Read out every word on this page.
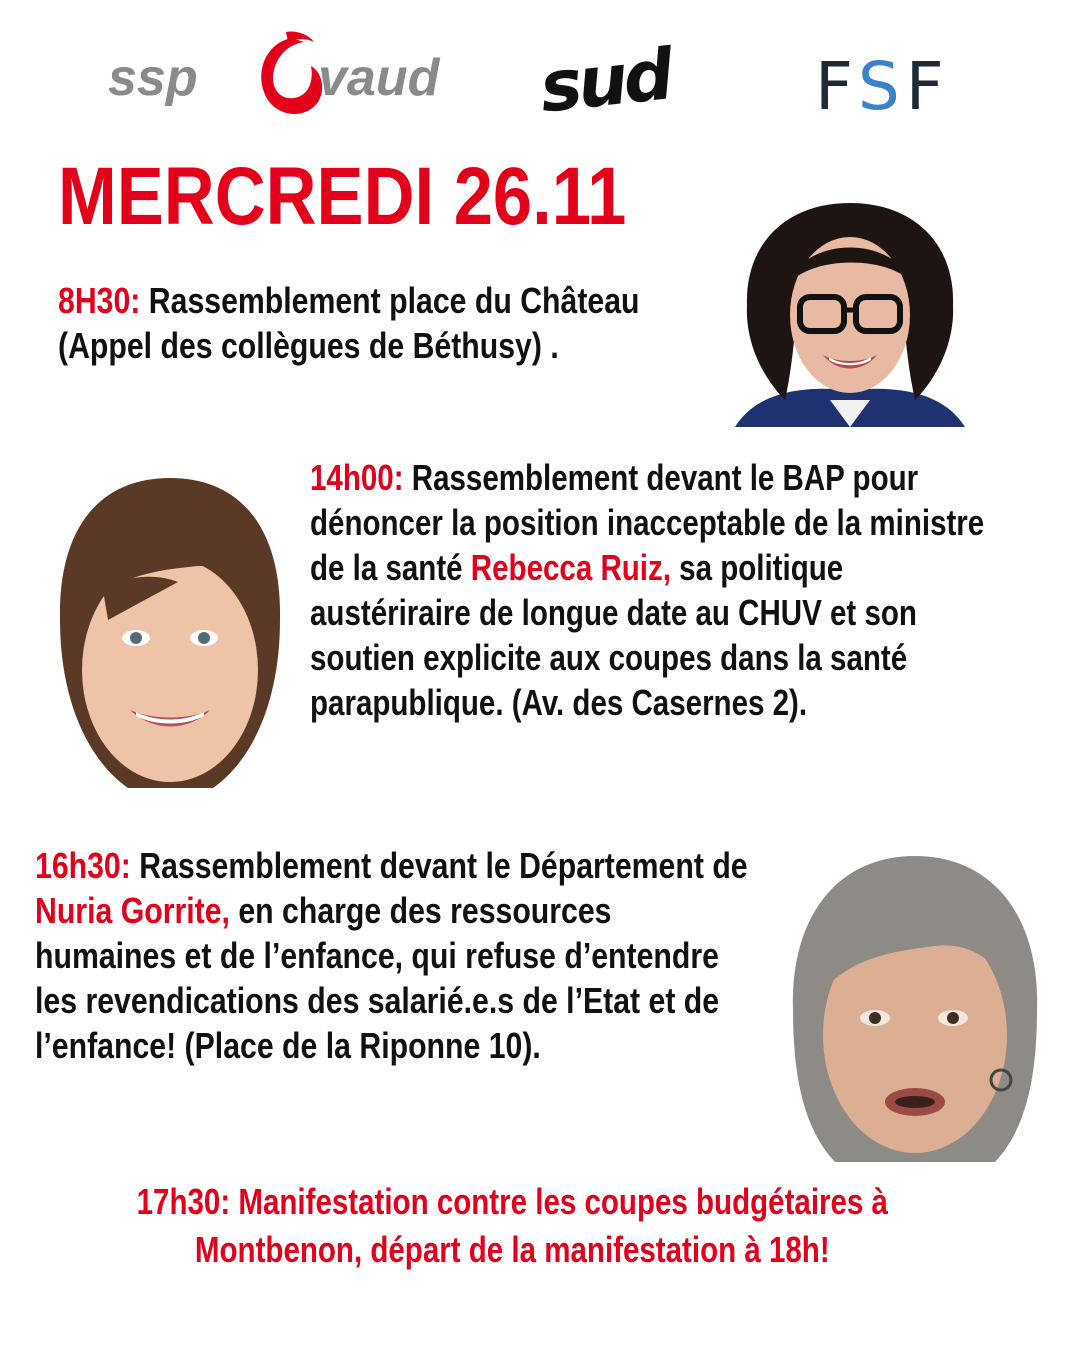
ssp vaud sud FSF
MERCREDI 26.11

8H30: Rassemblement place du Château (Appel des collègues de Béthusy) .

14h00: Rassemblement devant le BAP pour dénoncer la position inacceptable de la ministre de la santé Rebecca Ruiz, sa politique austériraire de longue date au CHUV et son soutien explicite aux coupes dans la santé parapublique. (Av. des Casernes 2).

16h30: Rassemblement devant le Département de Nuria Gorrite, en charge des ressources humaines et de l’enfance, qui refuse d’entendre les revendications des salarié.e.s de l’Etat et de l’enfance! (Place de la Riponne 10).

17h30: Manifestation contre les coupes budgétaires à Montbenon, départ de la manifestation à 18h!
